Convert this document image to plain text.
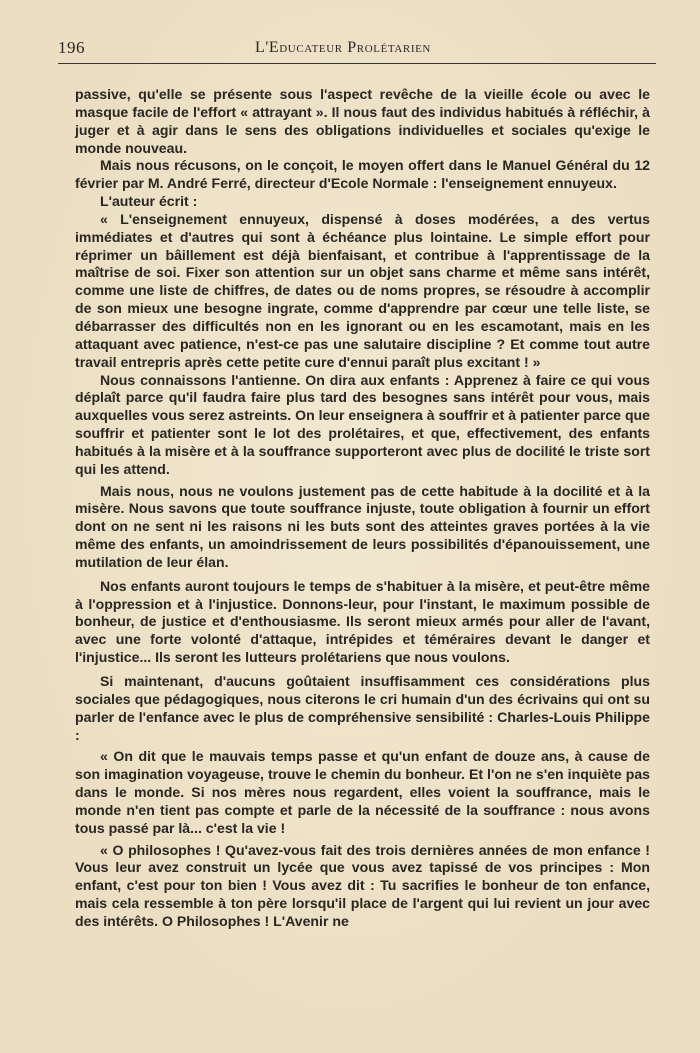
196	L'Educateur Prolétarien

passive, qu'elle se présente sous l'aspect revêche de la vieille école ou avec le masque facile de l'effort « attrayant ». Il nous faut des individus habitués à réfléchir, à juger et à agir dans le sens des obligations individuelles et sociales qu'exige le monde nouveau.

Mais nous récusons, on le conçoit, le moyen offert dans le Manuel Général du 12 février par M. André Ferré, directeur d'Ecole Normale : l'enseignement ennuyeux.

L'auteur écrit :

« L'enseignement ennuyeux, dispensé à doses modérées, a des vertus immédiates et d'autres qui sont à échéance plus lointaine. Le simple effort pour réprimer un bâillement est déjà bienfaisant, et contribue à l'apprentissage de la maîtrise de soi. Fixer son attention sur un objet sans charme et même sans intérêt, comme une liste de chiffres, de dates ou de noms propres, se résoudre à accomplir de son mieux une besogne ingrate, comme d'apprendre par cœur une telle liste, se débarrasser des difficultés non en les ignorant ou en les escamotant, mais en les attaquant avec patience, n'est-ce pas une salutaire discipline ? Et comme tout autre travail entrepris après cette petite cure d'ennui paraît plus excitant ! »

Nous connaissons l'antienne. On dira aux enfants : Apprenez à faire ce qui vous déplaît parce qu'il faudra faire plus tard des besognes sans intérêt pour vous, mais auxquelles vous serez astreints. On leur enseignera à souffrir et à patienter parce que souffrir et patienter sont le lot des prolétaires, et que, effectivement, des enfants habitués à la misère et à la souffrance supporteront avec plus de docilité le triste sort qui les attend.

Mais nous, nous ne voulons justement pas de cette habitude à la docilité et à la misère. Nous savons que toute souffrance injuste, toute obligation à fournir un effort dont on ne sent ni les raisons ni les buts sont des atteintes graves portées à la vie même des enfants, un amoindrissement de leurs possibilités d'épanouissement, une mutilation de leur élan.

Nos enfants auront toujours le temps de s'habituer à la misère, et peut-être même à l'oppression et à l'injustice. Donnons-leur, pour l'instant, le maximum possible de bonheur, de justice et d'enthousiasme. Ils seront mieux armés pour aller de l'avant, avec une forte volonté d'attaque, intrépides et téméraires devant le danger et l'injustice... Ils seront les lutteurs prolétariens que nous voulons.

Si maintenant, d'aucuns goûtaient insuffisamment ces considérations plus sociales que pédagogiques, nous citerons le cri humain d'un des écrivains qui ont su parler de l'enfance avec le plus de compréhensive sensibilité : Charles-Louis Philippe :

« On dit que le mauvais temps passe et qu'un enfant de douze ans, à cause de son imagination voyageuse, trouve le chemin du bonheur. Et l'on ne s'en inquiète pas dans le monde. Si nos mères nous regardent, elles voient la souffrance, mais le monde n'en tient pas compte et parle de la nécessité de la souffrance : nous avons tous passé par là... c'est la vie !

« O philosophes ! Qu'avez-vous fait des trois dernières années de mon enfance ! Vous leur avez construit un lycée que vous avez tapissé de vos principes : Mon enfant, c'est pour ton bien ! Vous avez dit : Tu sacrifies le bonheur de ton enfance, mais cela ressemble à ton père lorsqu'il place de l'argent qui lui revient un jour avec des intérêts. O Philosophes ! L'Avenir ne
